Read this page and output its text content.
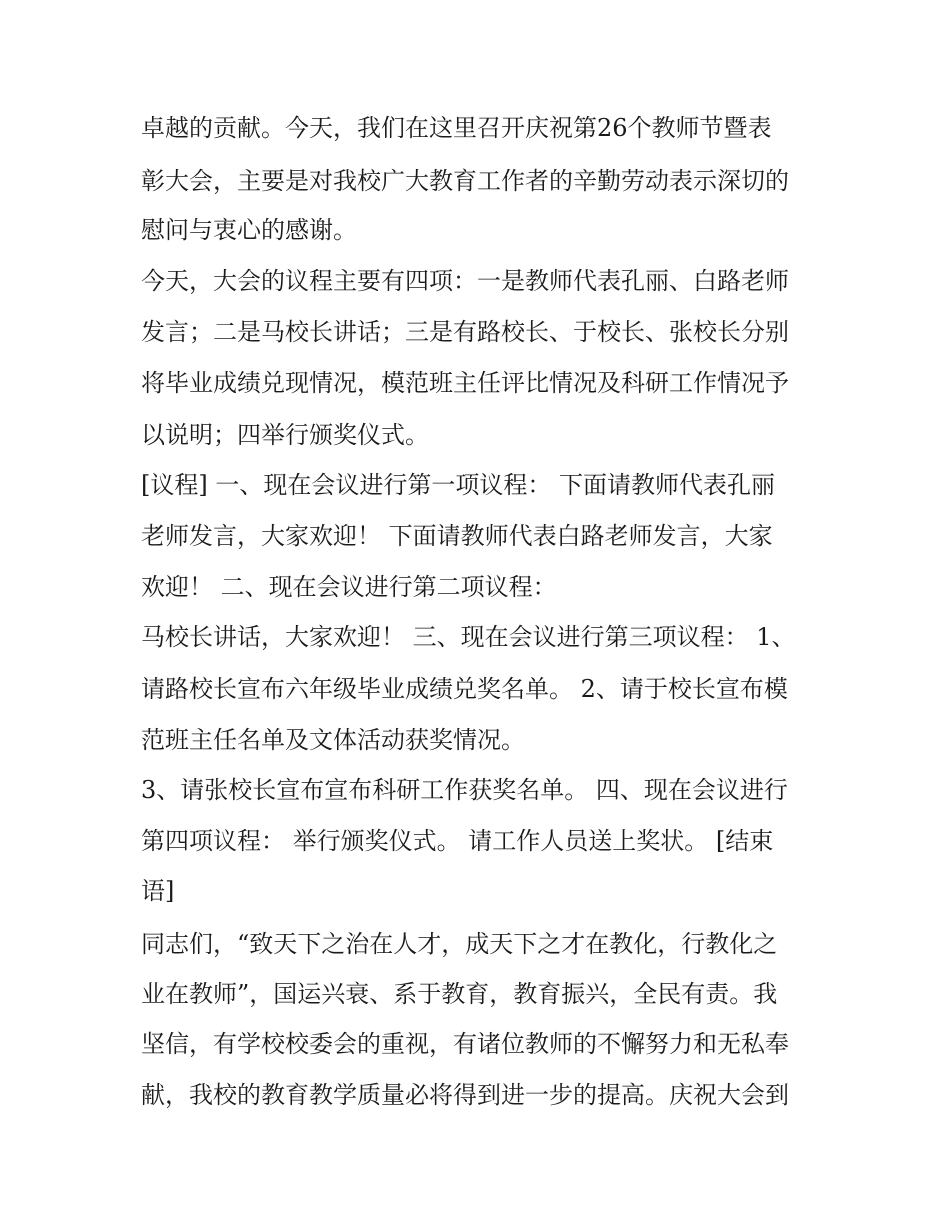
卓越的贡献。今天，我们在这里召开庆祝第26个教师节暨表
彰大会，主要是对我校广大教育工作者的辛勤劳动表示深切的
慰问与衷心的感谢。
今天，大会的议程主要有四项：一是教师代表孔丽、白路老师
发言；二是马校长讲话；三是有路校长、于校长、张校长分别
将毕业成绩兑现情况，模范班主任评比情况及科研工作情况予
以说明；四举行颁奖仪式。
[议程] 一、现在会议进行第一项议程： 下面请教师代表孔丽
老师发言，大家欢迎！ 下面请教师代表白路老师发言，大家
欢迎！ 二、现在会议进行第二项议程：
马校长讲话，大家欢迎！ 三、现在会议进行第三项议程： 1、
请路校长宣布六年级毕业成绩兑奖名单。 2、请于校长宣布模
范班主任名单及文体活动获奖情况。
3、请张校长宣布宣布科研工作获奖名单。 四、现在会议进行
第四项议程： 举行颁奖仪式。 请工作人员送上奖状。 [结束
语]
同志们，“致天下之治在人才，成天下之才在教化，行教化之
业在教师”，国运兴衰、系于教育，教育振兴，全民有责。我
坚信，有学校校委会的重视，有诸位教师的不懈努力和无私奉
献，我校的教育教学质量必将得到进一步的提高。庆祝大会到
